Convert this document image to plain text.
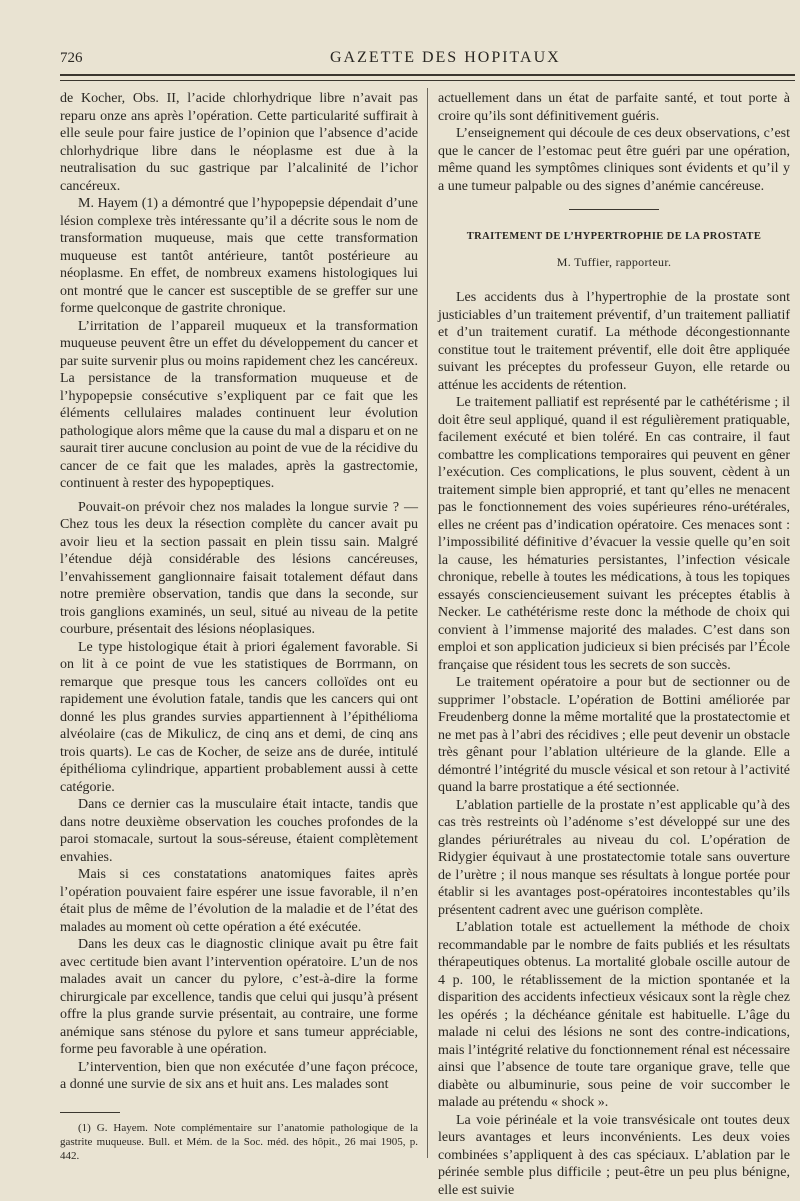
726	GAZETTE DES HOPITAUX

de Kocher, Obs. II, l’acide chlorhydrique libre n’avait pas reparu onze ans après l’opération. Cette particularité suffirait à elle seule pour faire justice de l’opinion que l’absence d’acide chlorhydrique libre dans le néoplasme est due à la neutralisation du suc gastrique par l’alcalinité de l’ichor cancéreux.

M. Hayem (1) a démontré que l’hypopepsie dépendait d’une lésion complexe très intéressante qu’il a décrite sous le nom de transformation muqueuse, mais que cette transformation muqueuse est tantôt antérieure, tantôt postérieure au néoplasme. En effet, de nombreux examens histologiques lui ont montré que le cancer est susceptible de se greffer sur une forme quelconque de gastrite chronique.

L’irritation de l’appareil muqueux et la transformation muqueuse peuvent être un effet du développement du cancer et par suite survenir plus ou moins rapidement chez les cancéreux. La persistance de la transformation muqueuse et de l’hypopepsie consécutive s’expliquent par ce fait que les éléments cellulaires malades continuent leur évolution pathologique alors même que la cause du mal a disparu et on ne saurait tirer aucune conclusion au point de vue de la récidive du cancer de ce fait que les malades, après la gastrectomie, continuent à rester des hypopeptiques.

Pouvait-on prévoir chez nos malades la longue survie ? — Chez tous les deux la résection complète du cancer avait pu avoir lieu et la section passait en plein tissu sain. Malgré l’étendue déjà considérable des lésions cancéreuses, l’envahissement ganglionnaire faisait totalement défaut dans notre première observation, tandis que dans la seconde, sur trois ganglions examinés, un seul, situé au niveau de la petite courbure, présentait des lésions néoplasiques.

Le type histologique était à priori également favorable. Si on lit à ce point de vue les statistiques de Borrmann, on remarque que presque tous les cancers colloïdes ont eu rapidement une évolution fatale, tandis que les cancers qui ont donné les plus grandes survies appartiennent à l’épithélioma alvéolaire (cas de Mikulicz, de cinq ans et demi, de cinq ans trois quarts). Le cas de Kocher, de seize ans de durée, intitulé épithélioma cylindrique, appartient probablement aussi à cette catégorie.

Dans ce dernier cas la musculaire était intacte, tandis que dans notre deuxième observation les couches profondes de la paroi stomacale, surtout la sous-séreuse, étaient complètement envahies.

Mais si ces constatations anatomiques faites après l’opération pouvaient faire espérer une issue favorable, il n’en était plus de même de l’évolution de la maladie et de l’état des malades au moment où cette opération a été exécutée.

Dans les deux cas le diagnostic clinique avait pu être fait avec certitude bien avant l’intervention opératoire. L’un de nos malades avait un cancer du pylore, c’est-à-dire la forme chirurgicale par excellence, tandis que celui qui jusqu’à présent offre la plus grande survie présentait, au contraire, une forme anémique sans sténose du pylore et sans tumeur appréciable, forme peu favorable à une opération.

L’intervention, bien que non exécutée d’une façon précoce, a donné une survie de six ans et huit ans. Les malades sont

(1) G. Hayem. Note complémentaire sur l’anatomie pathologique de la gastrite muqueuse. Bull. et Mém. de la Soc. méd. des hôpit., 26 mai 1905, p. 442.

actuellement dans un état de parfaite santé, et tout porte à croire qu’ils sont définitivement guéris.

L’enseignement qui découle de ces deux observations, c’est que le cancer de l’estomac peut être guéri par une opération, même quand les symptômes cliniques sont évidents et qu’il y a une tumeur palpable ou des signes d’anémie cancéreuse.

TRAITEMENT DE L’HYPERTROPHIE DE LA PROSTATE
M. Tuffier, rapporteur.

Les accidents dus à l’hypertrophie de la prostate sont justiciables d’un traitement préventif, d’un traitement palliatif et d’un traitement curatif. La méthode décongestionnante constitue tout le traitement préventif, elle doit être appliquée suivant les préceptes du professeur Guyon, elle retarde ou atténue les accidents de rétention.

Le traitement palliatif est représenté par le cathétérisme ; il doit être seul appliqué, quand il est régulièrement pratiquable, facilement exécuté et bien toléré. En cas contraire, il faut combattre les complications temporaires qui peuvent en gêner l’exécution. Ces complications, le plus souvent, cèdent à un traitement simple bien approprié, et tant qu’elles ne menacent pas le fonctionnement des voies supérieures réno-urétérales, elles ne créent pas d’indication opératoire. Ces menaces sont : l’impossibilité définitive d’évacuer la vessie quelle qu’en soit la cause, les hématuries persistantes, l’infection vésicale chronique, rebelle à toutes les médications, à tous les topiques essayés consciencieusement suivant les préceptes établis à Necker. Le cathétérisme reste donc la méthode de choix qui convient à l’immense majorité des malades. C’est dans son emploi et son application judicieux si bien précisés par l’École française que résident tous les secrets de son succès.

Le traitement opératoire a pour but de sectionner ou de supprimer l’obstacle. L’opération de Bottini améliorée par Freudenberg donne la même mortalité que la prostatectomie et ne met pas à l’abri des récidives ; elle peut devenir un obstacle très gênant pour l’ablation ultérieure de la glande. Elle a démontré l’intégrité du muscle vésical et son retour à l’activité quand la barre prostatique a été sectionnée.

L’ablation partielle de la prostate n’est applicable qu’à des cas très restreints où l’adénome s’est développé sur une des glandes périurétrales au niveau du col. L’opération de Ridygier équivaut à une prostatectomie totale sans ouverture de l’urètre ; il nous manque ses résultats à longue portée pour établir si les avantages post-opératoires incontestables qu’ils présentent cadrent avec une guérison complète.

L’ablation totale est actuellement la méthode de choix recommandable par le nombre de faits publiés et les résultats thérapeutiques obtenus. La mortalité globale oscille autour de 4 p. 100, le rétablissement de la miction spontanée et la disparition des accidents infectieux vésicaux sont la règle chez les opérés ; la déchéance génitale est habituelle. L’âge du malade ni celui des lésions ne sont des contre-indications, mais l’intégrité relative du fonctionnement rénal est nécessaire ainsi que l’absence de toute tare organique grave, telle que diabète ou albuminurie, sous peine de voir succomber le malade au prétendu « shock ».

La voie périnéale et la voie transvésicale ont toutes deux leurs avantages et leurs inconvénients. Les deux voies combinées s’appliquent à des cas spéciaux. L’ablation par le périnée semble plus difficile ; peut-être un peu plus bénigne, elle est suivie
